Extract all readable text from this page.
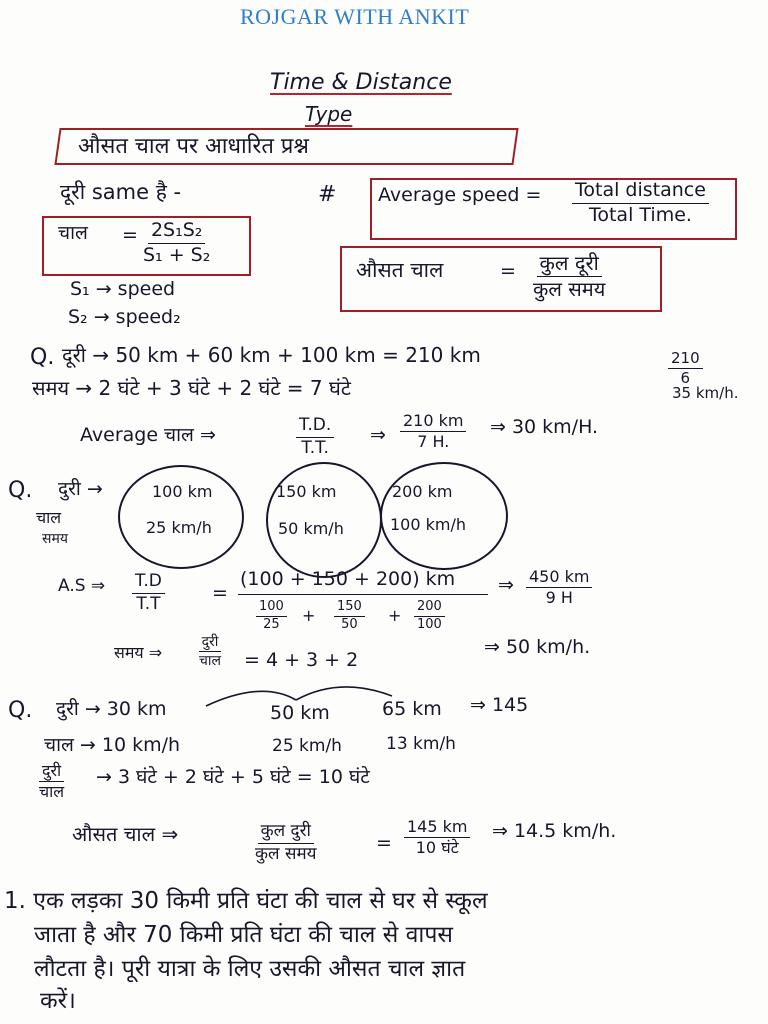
ROJGAR WITH ANKIT
Time & Distance
Type
औसत चाल पर आधारित प्रश्न
दूरी same है -	# Average speed = Total distance
Total Time.
चाल = $\frac{\text{2S₁S₂}}{\text{S₁ + S₂}}$
औसत चाल	= कुल दूरी
कुल समय
S₁ → speed
S₂ → speed₂
Q. दूरी → 50 km + 60 km + 100 km = 210 km
समय → 2 घंटे + 3 घंटे + 2 घंटे = 7 घंटे
$\frac{210}{6}$
35 km/h.
Average चाल ⇒	$\frac{T.D.}{T.T.}$ ⇒ $\frac{210 km}{7 H.}$ ⇒ 30 km/H.
Q. दुरी →
चाल
समय
100 km
25 km/h
150 km
50 km/h
200 km
100 km/h
A.S ⇒ $\frac{T.D}{T.T}$ =
(100 + 150 + 200) km
$\frac{100}{25} + \frac{150}{50} + \frac{200}{100}$
⇒ $\frac{450 km}{9 H}$
समय ⇒
दुरी
चाल = 4 + 3 + 2
⇒ 50 km/h.
Q. दुरी → 30 km	50 km	65 km ⇒ 145
चाल → 10 km/h	25 km/h	13 km/h
दुरी
चाल
→ 3 घंटे + 2 घंटे + 5 घंटे = 10 घंटे
औसत चाल ⇒	कुल दुरी
कुल समय	=
145 km
10 घंटे
⇒ 14.5 km/h.
1. एक लड़का 30 किमी प्रति घंटा की चाल से घर से स्कूल
जाता है और 70 किमी प्रति घंटा की चाल से वापस
लौटता है। पूरी यात्रा के लिए उसकी औसत चाल ज्ञात
करें।
